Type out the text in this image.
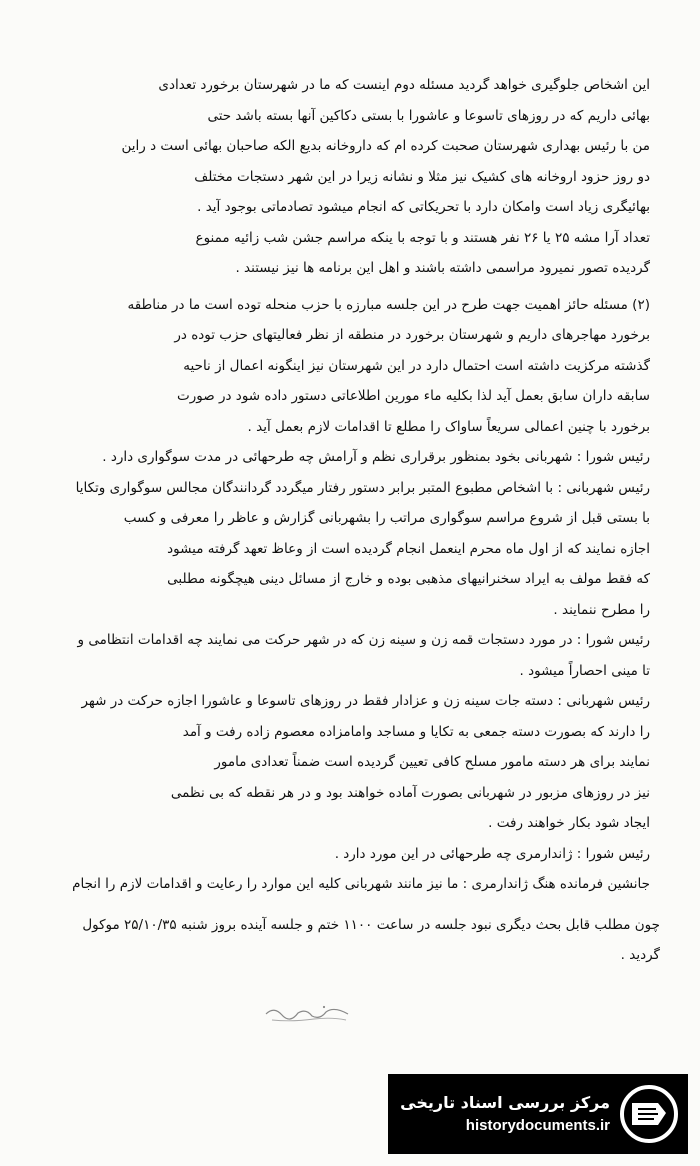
این اشخاص جلوگیری خواهد گردید مسئله دوم اینست که ما در شهرستان برخورد تعدادی
بهائی داریم که در روزهای تاسوعا و عاشورا با بستی دکاکین آنها بسته باشد حتی
من با رئیس بهداری شهرستان صحبت کرده ام که داروخانه بدیع الکه صاحبان بهائی است د راین
دو روز حزود اروخانه های کشیک نیز مثلا و نشانه زیرا در این شهر دستجات مختلف
بهائیگری زیاد است وامکان دارد با تحریکاتی که انجام میشود تصادماتی بوجود آید .
تعداد آرا مشه ۲۵ یا ۲۶ نفر هستند و با توجه با ینکه مراسم جشن شب زائیه ممنوع
گردیده تصور نمیرود مراسمی داشته باشند و اهل این برنامه ها نیز نیستند .
(۲) مسئله حائز اهمیت جهت طرح در این جلسه مبارزه با حزب منحله توده است ما در مناطقه
برخورد مهاجرهای داریم و شهرستان برخورد در منطقه از نظر فعالیتهای حزب توده در
گذشته مرکزیت داشته است احتمال دارد در این شهرستان نیز اینگونه اعمال از ناحیه
سابقه داران سابق بعمل آید لذا بکلیه ماء مورین اطلاعاتی دستور داده شود در صورت
برخورد با چنین اعمالی سریعاً ساواک را مطلع تا اقدامات لازم بعمل آید .
رئیس شورا : شهربانی بخود بمنظور برقراری نظم و آرامش چه طرحهائی در مدت سوگواری دارد .
رئیس شهربانی : با اشخاص مطبوع المتبر برابر دستور رفتار میگردد گردانندگان مجالس سوگواری وتکایا
با بستی قبل از شروع مراسم سوگواری مراتب را بشهربانی گزارش و عاظر را معرفی و کسب
اجازه نمایند که از اول ماه محرم اینعمل انجام گردیده است از وعاظ تعهد گرفته میشود
که فقط مولف به ایراد سخنرانیهای مذهبی بوده و خارج از مسائل دینی هیچگونه مطلبی
را مطرح ننمایند .
رئیس شورا : در مورد دستجات قمه زن و سینه زن که در شهر حرکت می نمایند چه اقدامات انتظامی و
تا مینی احصاراً میشود .
رئیس شهربانی : دسته جات سینه زن و عزادار فقط در روزهای تاسوعا و عاشورا اجازه حرکت در شهر
را دارند که بصورت دسته جمعی به تکایا و مساجد وامامزاده معصوم زاده رفت و آمد
نمایند برای هر دسته مامور مسلح کافی تعیین گردیده است ضمناً تعدادی مامور
نیز در روزهای مزبور در شهربانی بصورت آماده خواهند بود و در هر نقطه که بی نظمی
ایجاد شود بکار خواهند رفت .
رئیس شورا : ژاندارمری چه طرحهائی در این مورد دارد .
جانشین فرمانده هنگ ژاندارمری : ما نیز مانند شهربانی کلیه این موارد را رعایت و اقدامات لازم را انجام
چون مطلب قابل بحث دیگری نبود جلسه در ساعت ۱۱۰۰ ختم و جلسه آینده بروز شنبه ۲۵/۱۰/۳۵ موکول
گردید .
مرکز بررسی اسناد تاریخی
historydocuments.ir
